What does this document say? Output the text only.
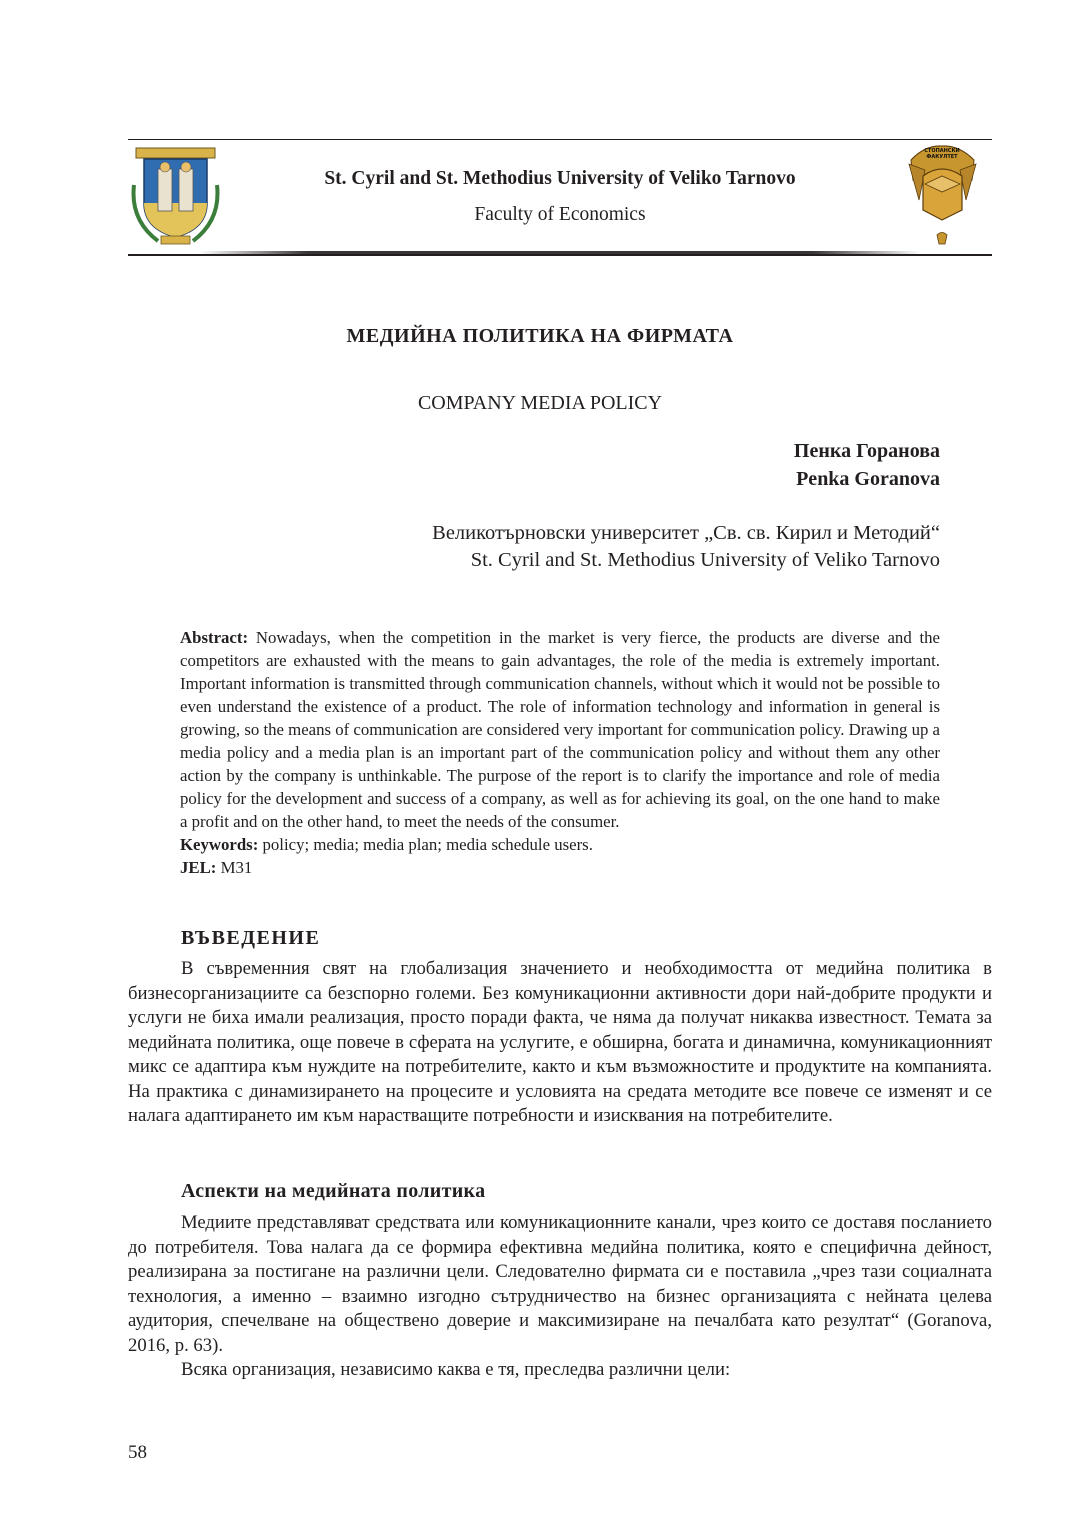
St. Cyril and St. Methodius University of Veliko Tarnovo
Faculty of Economics
СТОПАНСКИ
ФАКУЛТЕТ
МЕДИЙНА ПОЛИТИКА НА ФИРМАТА
COMPANY MEDIA POLICY
Пенка Горанова
Penka Goranova
Великотърновски университет „Св. св. Кирил и Методий“
St. Cyril and St. Methodius University of Veliko Tarnovo

Abstract: Nowadays, when the competition in the market is very fierce, the products are diverse and the competitors are exhausted with the means to gain advantages, the role of the media is extremely important. Important information is transmitted through communication channels, without which it would not be possible to even understand the existence of a product. The role of information technology and information in general is growing, so the means of communication are considered very important for communication policy. Drawing up a media policy and a media plan is an important part of the communication policy and without them any other action by the company is unthinkable. The purpose of the report is to clarify the importance and role of media policy for the development and success of a company, as well as for achieving its goal, on the one hand to make a profit and on the other hand, to meet the needs of the consumer.

Keywords: policy; media; media plan; media schedule users.

JEL: M31

ВЪВЕДЕНИЕ

В съвременния свят на глобализация значението и необходимостта от медийна политика в бизнесорганизациите са безспорно големи. Без комуникационни активности дори най-добрите продукти и услуги не биха имали реализация, просто поради факта, че няма да получат никаква известност. Темата за медийната политика, още повече в сферата на услугите, е обширна, богата и динамична, комуникационният микс се адаптира към нуждите на потребителите, както и към възможностите и продуктите на компанията. На практика с динамизирането на процесите и условията на средата методите все повече се изменят и се налага адаптирането им към нарастващите потребности и изисквания на потребителите.

Аспекти на медийната политика

Медиите представляват средствата или комуникационните канали, чрез които се доставя посланието до потребителя. Това налага да се формира ефективна медийна политика, която е специфична дейност, реализирана за постигане на различни цели. Следователно фирмата си е поставила „чрез тази социалната технология, а именно – взаимно изгодно сътрудничество на бизнес организацията с нейната целева аудитория, спечелване на обществено доверие и максимизиране на печалбата като резултат“ (Goranova, 2016, p. 63).

Всяка организация, независимо каква е тя, преследва различни цели:

58
